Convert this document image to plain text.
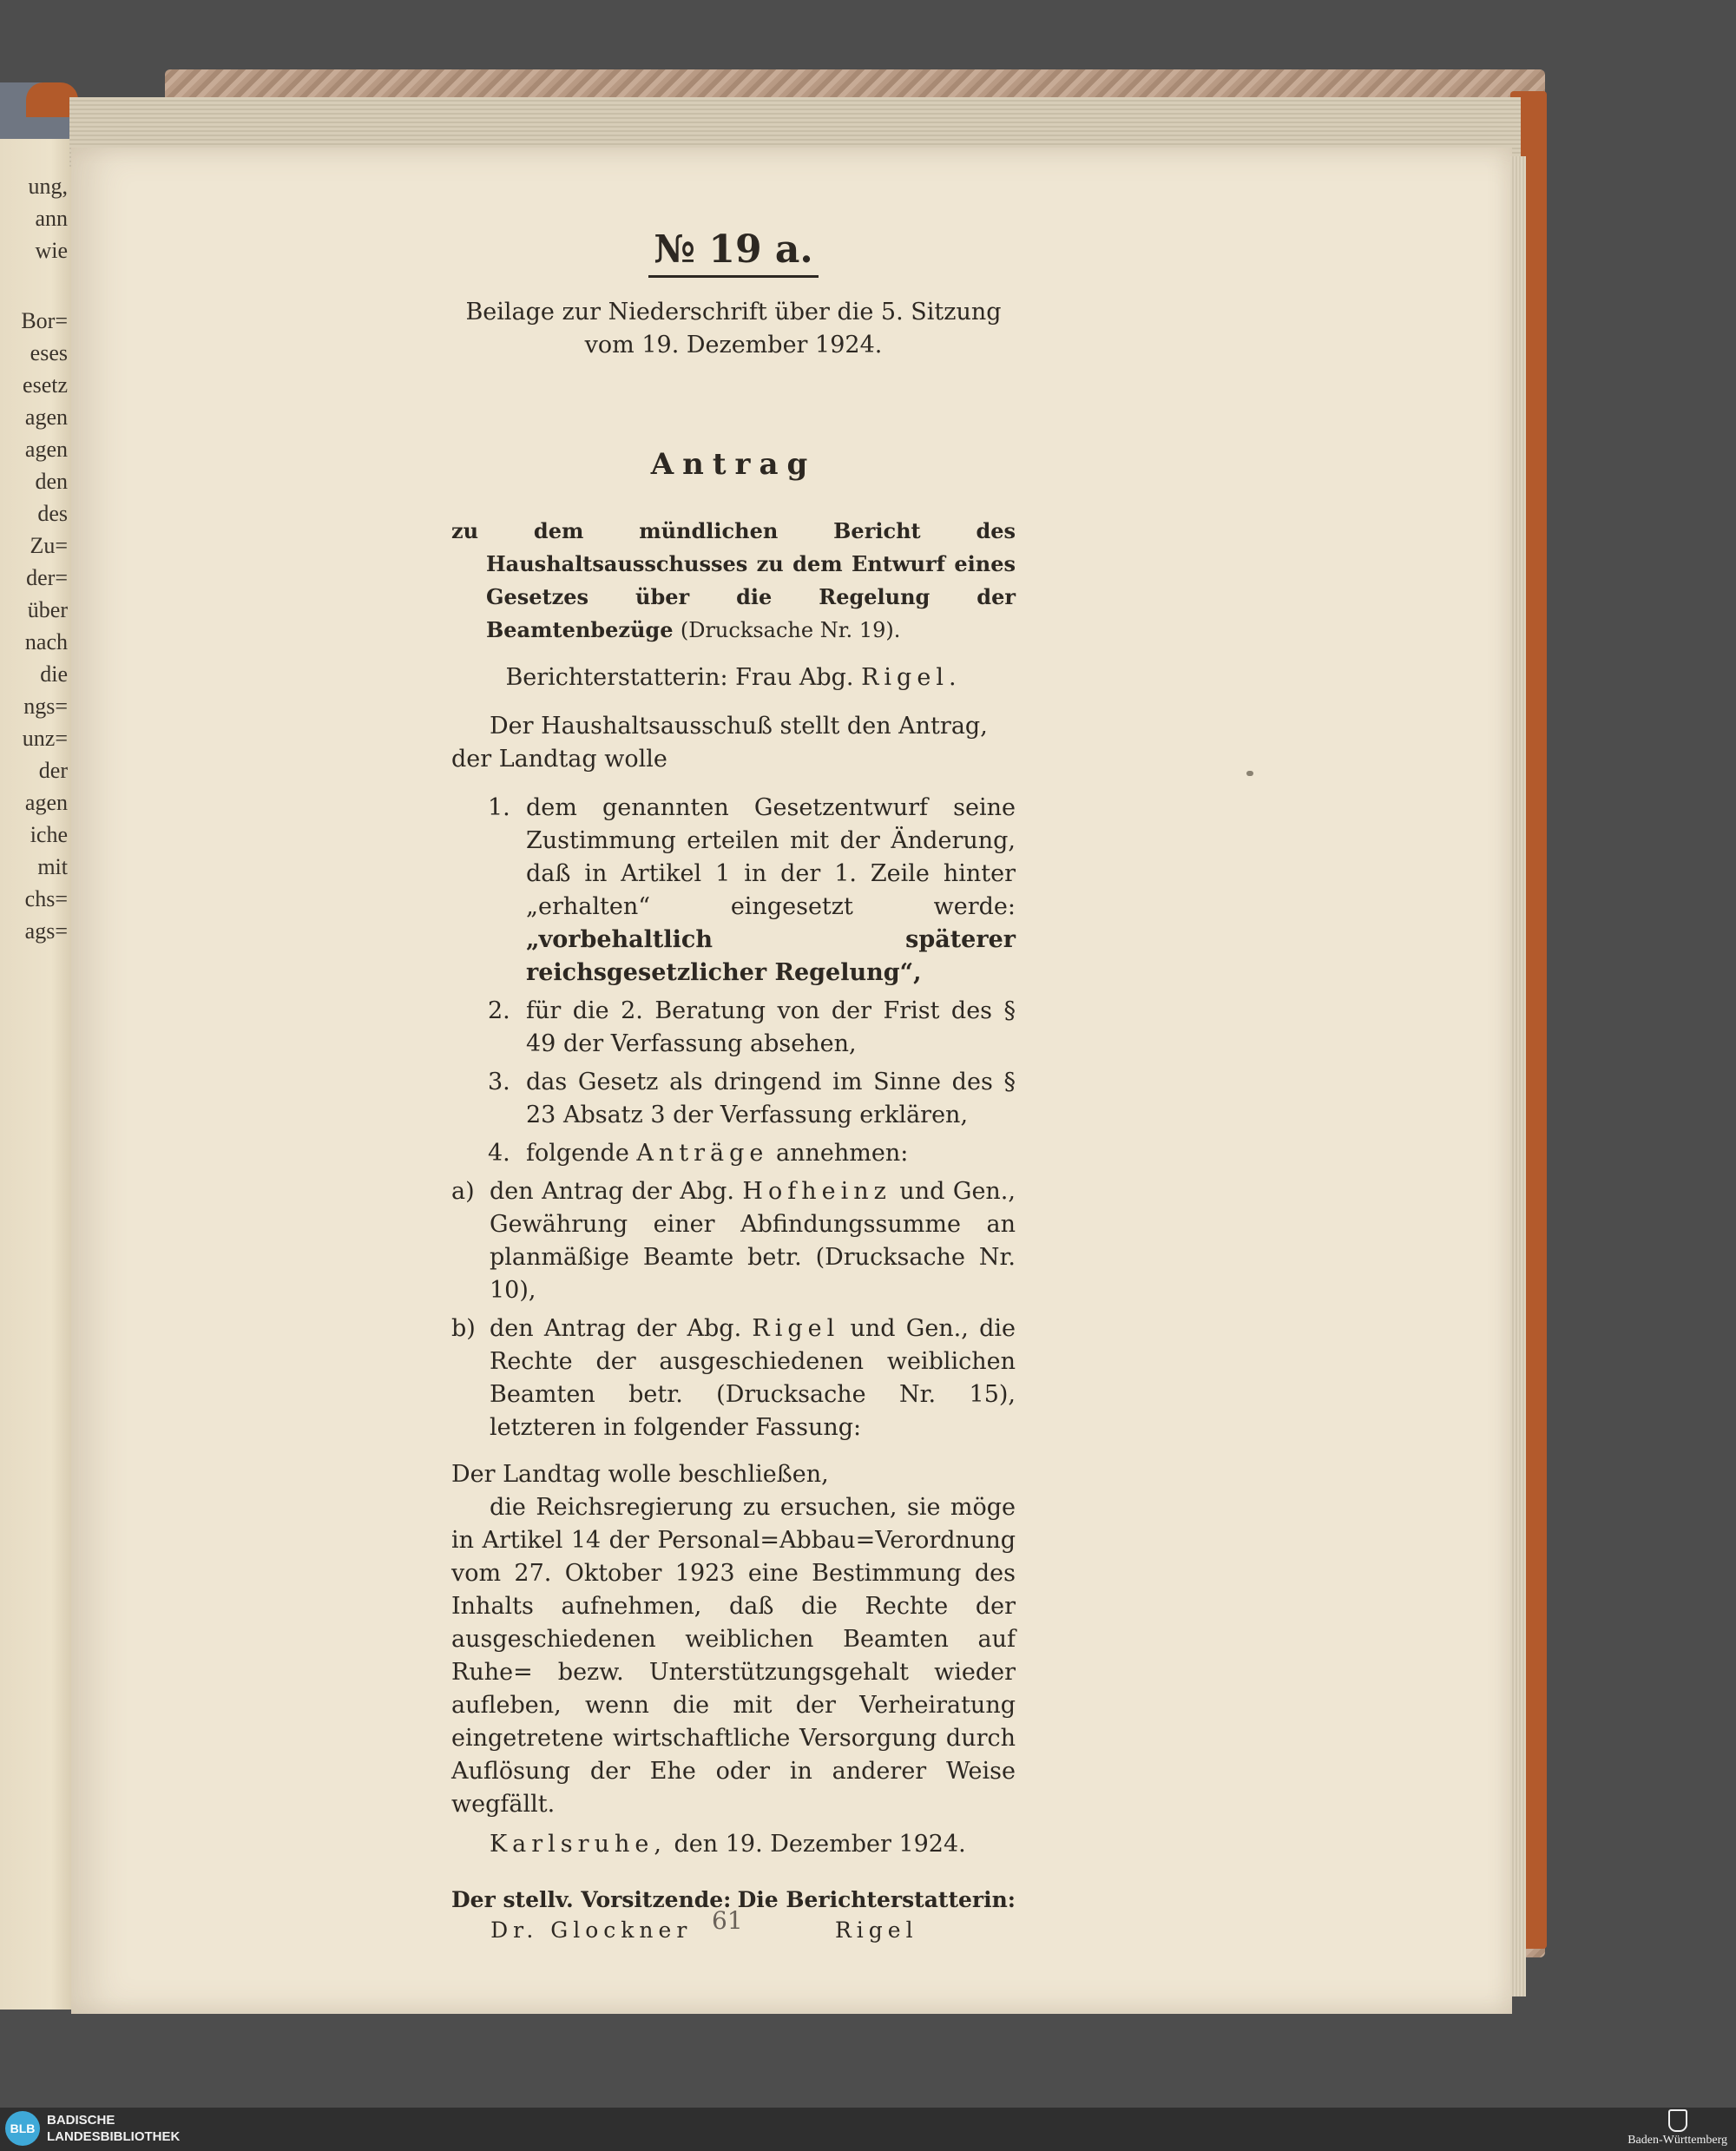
ung,
ann
wie
Bor=
eses
esetz
agen
agen
den
des
Zu=
der=
über
nach
die
ngs=
unz=
der
agen
iche
mit
chs=
ags=

№ 19 a.

Beilage zur Niederschrift über die 5. Sitzung
vom 19. Dezember 1924.
Antrag
zu dem mündlichen Bericht des Haushaltsausschusses zu dem Entwurf eines Gesetzes über die Regelung der Beamtenbezüge (Drucksache Nr. 19).
Berichterstatterin: Frau Abg. Rigel.
Der Haushaltsausschuß stellt den Antrag,
der Landtag wolle
1. dem genannten Gesetzentwurf seine Zustimmung erteilen mit der Änderung, daß in Artikel 1 in der 1. Zeile hinter „erhalten“ eingesetzt werde: „vorbehaltlich späterer reichsgesetzlicher Regelung“,
2. für die 2. Beratung von der Frist des § 49 der Verfassung absehen,
3. das Gesetz als dringend im Sinne des § 23 Absatz 3 der Verfassung erklären,
4. folgende Anträge annehmen:
a) den Antrag der Abg. Hofheinz und Gen., Gewährung einer Abfindungssumme an planmäßige Beamte betr. (Drucksache Nr. 10),
b) den Antrag der Abg. Rigel und Gen., die Rechte der ausgeschiedenen weiblichen Beamten betr. (Drucksache Nr. 15), letzteren in folgender Fassung:
Der Landtag wolle beschließen,
die Reichsregierung zu ersuchen, sie möge in Artikel 14 der Personal=Abbau=Verordnung vom 27. Oktober 1923 eine Bestimmung des Inhalts aufnehmen, daß die Rechte der ausgeschiedenen weiblichen Beamten auf Ruhe= bezw. Unterstützungsgehalt wieder aufleben, wenn die mit der Verheiratung eingetretene wirtschaftliche Versorgung durch Auflösung der Ehe oder in anderer Weise wegfällt.
Karlsruhe, den 19. Dezember 1924.
Der stellv. Vorsitzende:
Dr. Glockner
Die Berichterstatterin:
Rigel
61
BLB
BADISCHE
LANDESBIBLIOTHEK	Baden-Württemberg
